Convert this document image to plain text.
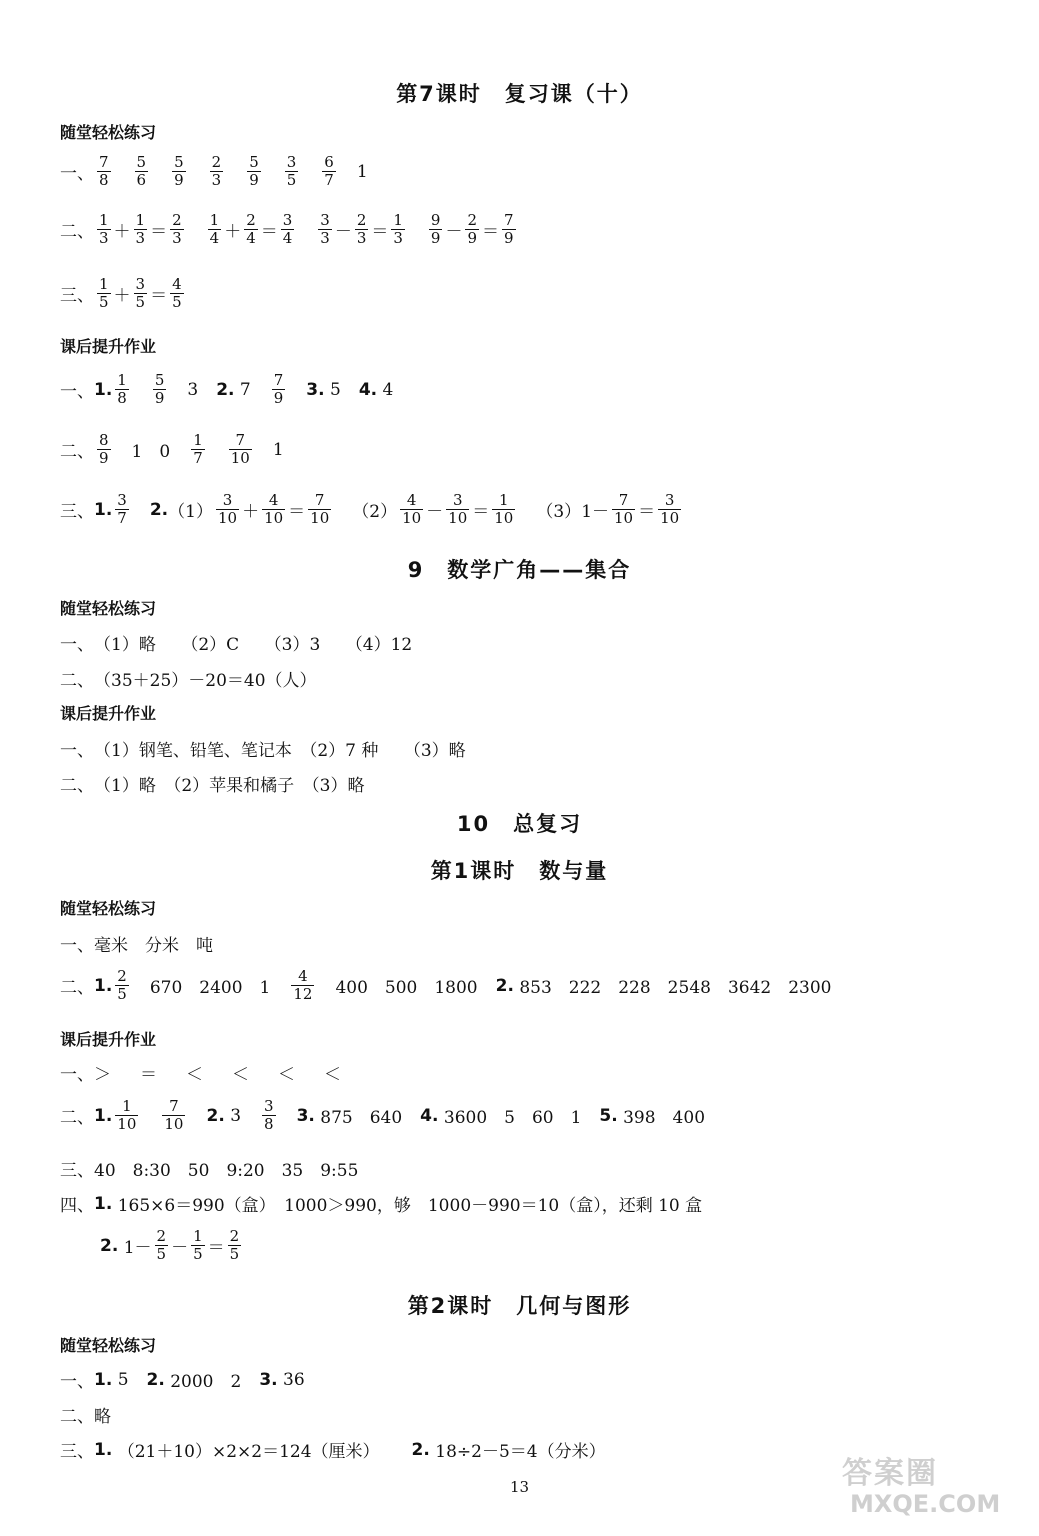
第7课时　复习课（十）
9　数学广角——集合
10　总复习
第1课时　数与量
第2课时　几何与图形
随堂轻松练习
一、 $\frac{7}{8} \frac{5}{6} \frac{5}{9} \frac{2}{3} \frac{5}{9} \frac{3}{5} \frac{6}{7} 1$
二、 $\frac{1}{3} + \frac{1}{3} = \frac{2}{3} \frac{1}{4} + \frac{2}{4} = \frac{3}{4} \frac{3}{3} - \frac{2}{3} = \frac{1}{3} \frac{9}{9} - \frac{2}{9} = \frac{7}{9}$
三、 $\frac{1}{5} + \frac{3}{5} = \frac{4}{5}$
课后提升作业
一、 1. $\frac{1}{8} \frac{5}{9} 3$ 2.
$7 \frac{7}{9} 3$.
5 4.
4
二、 $\frac{8}{9} 1$　$0 \frac{1}{7} \frac{7}{10} 1$
三、 1. $\frac{3}{7} 2$. $(1) \frac{3}{10} + \frac{4}{10} = \frac{7}{10} (2) \frac{4}{10} - \frac{3}{10} = \frac{1}{10} (3)$ $1- \frac{7}{10} = \frac{3}{10}$
随堂轻松练习
一、 （1）略　　（2）C　　（3）3　　（4）12
二、 （35＋25）－20＝40（人）
课后提升作业
一、 （1）钢笔、铅笔、笔记本　（2）7 种　　（3）略
二、 （1）略　（2）苹果和橘子　（3）略
随堂轻松练习
一、 毫米　分米　吨
二、 1. $\frac{2}{5} 670$　2400　$1 \frac{4}{12} 400$　500　1800 2.
853　222　228　2548　3642　2300
课后提升作业
一、 ＞　＝　＜　＜　＜　＜
二、 1. $\frac{1}{10} \frac{7}{10} 2$.
$3 \frac{3}{8} 3$.
875　640 4.
3600　5　60　1 5.
398　400
三、 40　8:30　50　9:20　35　9:55
四、 1.
165×6＝990（盒）　1000＞990，够　1000－990＝10（盒），还剩 10 盒
2.
$1- \frac{2}{5} - \frac{1}{5} = \frac{2}{5}$
随堂轻松练习
一、 1.
5 2.
2000　2 3.
36
二、 略
三、 1.
（21＋10）×2×2＝124（厘米） 2.
18÷2－5＝4（分米）
13	答案圈
MXQE.COM
